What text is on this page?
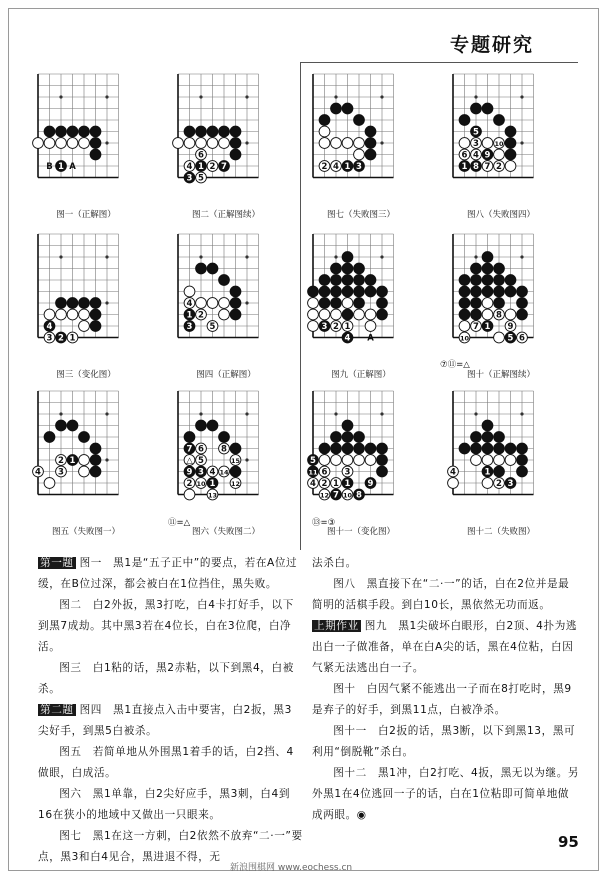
专题研究
1
B A
图一（正解图）
6
4 1 2 7
3 5
图二（正解图续）
2 4 1 3
图七（失败图三）
5
3 10
6 4 9
1 8 7 2
图八（失败图四）
4
3 2 1
图三（变化图）
4
1 2
3 5
图四（正解图）
3 2 1
4 A
图九（正解图）
8
7 1 9
10	5 6
图十（正解图续）
2 1
3
4
图五（失败图一）
7 6 8
△ 5	15
9 3 4 14
2 10 1 12
13
图六（失败图二）
5
11 6 3
4 2 1 1 9
12 7 10 8
图十一（变化图）
4	1
2 3
图十二（失败图）
⑦⑪=△
⑪=△	⑬=③

第一题 图一　黑1是“五子正中”的要点，若在A位过缓，在B位过深，都会被白在1位挡住，黑失败。

图二　白2外扳，黑3打吃，白4卡打好手，以下到黑7成劫。其中黑3若在4位长，白在3位爬，白净活。

图三　白1粘的话，黑2赤粘，以下到黑4，白被杀。

第二题 图四　黑1直接点入击中要害，白2扳，黑3尖好手，到黑5白被杀。

图五　若简单地从外围黑1着手的话，白2挡、4做眼，白成活。

图六　黑1单靠，白2尖好应手，黑3刺，白4到16在狭小的地域中又做出一只眼来。

图七　黑1在这一方刺，白2依然不放弃“二·一”要点，黑3和白4见合，黑进退不得，无

法杀白。

图八　黑直接下在“二·一”的话，白在2位并是最简明的活棋手段。到白10长，黑依然无功而返。

上期作业 图九　黑1尖破坏白眼形，白2顶、4扑为逃出白一子做准备，单在白A尖的话，黑在4位粘，白因气紧无法逃出白一子。

图十　白因气紧不能逃出一子而在8打吃时，黑9是弃子的好手，到黑11点，白被净杀。

图十一　白2扳的话，黑3断，以下到黑13，黑可利用“倒脱靴”杀白。

图十二　黑1冲，白2打吃、4扳，黑无以为继。另外黑1在4位逃回一子的话，白在1位粘即可简单地做成两眼。◉

95
新浪围棋网 www.eochess.cn
